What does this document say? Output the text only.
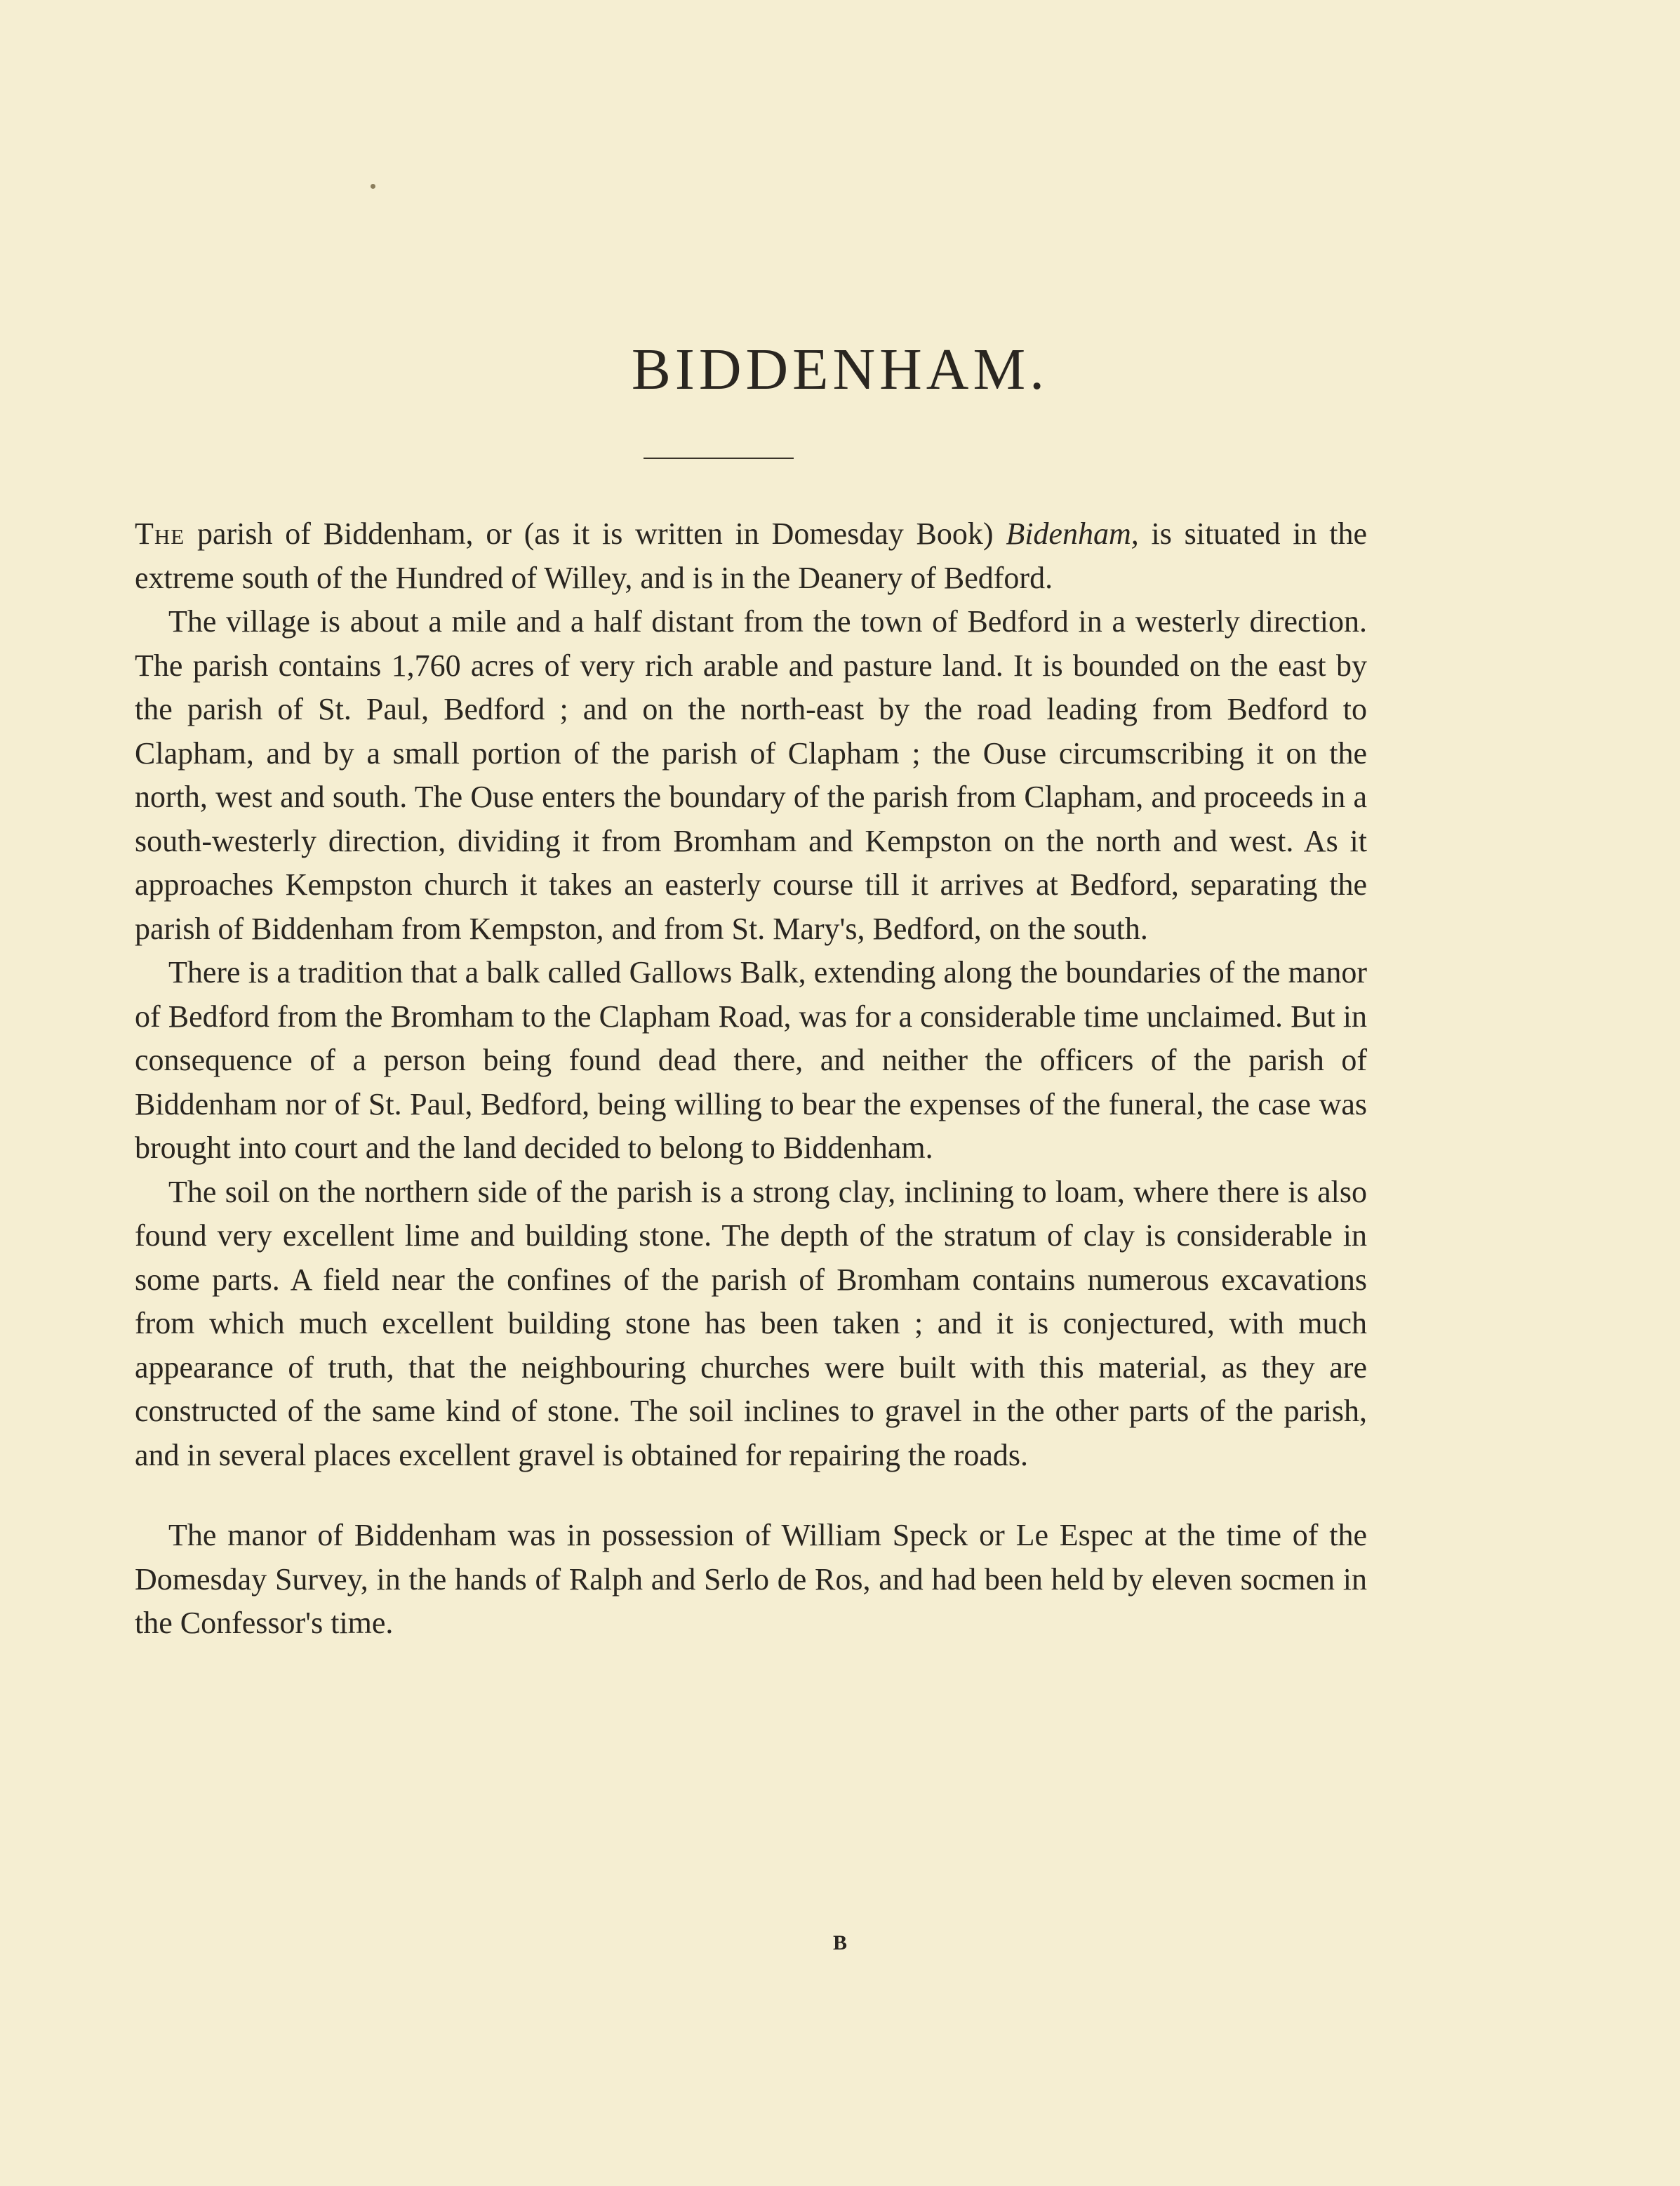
BIDDENHAM.

The parish of Biddenham, or (as it is written in Domesday Book) Bidenham, is situated in the extreme south of the Hundred of Willey, and is in the Deanery of Bedford.

The village is about a mile and a half distant from the town of Bedford in a westerly direction. The parish contains 1,760 acres of very rich arable and pasture land. It is bounded on the east by the parish of St. Paul, Bedford ; and on the north-east by the road leading from Bedford to Clapham, and by a small portion of the parish of Clapham ; the Ouse circumscribing it on the north, west and south. The Ouse enters the boundary of the parish from Clapham, and proceeds in a south-westerly direction, dividing it from Bromham and Kempston on the north and west. As it approaches Kempston church it takes an easterly course till it arrives at Bedford, separating the parish of Biddenham from Kempston, and from St. Mary's, Bedford, on the south.

There is a tradition that a balk called Gallows Balk, extending along the boundaries of the manor of Bedford from the Bromham to the Clapham Road, was for a considerable time unclaimed. But in consequence of a person being found dead there, and neither the officers of the parish of Biddenham nor of St. Paul, Bedford, being willing to bear the expenses of the funeral, the case was brought into court and the land decided to belong to Biddenham.

The soil on the northern side of the parish is a strong clay, inclining to loam, where there is also found very excellent lime and building stone. The depth of the stratum of clay is considerable in some parts. A field near the confines of the parish of Bromham contains numerous excavations from which much excellent building stone has been taken ; and it is conjectured, with much appearance of truth, that the neighbouring churches were built with this material, as they are constructed of the same kind of stone. The soil inclines to gravel in the other parts of the parish, and in several places excellent gravel is obtained for repairing the roads.

The manor of Biddenham was in possession of William Speck or Le Espec at the time of the Domesday Survey, in the hands of Ralph and Serlo de Ros, and had been held by eleven socmen in the Confessor's time.

B
